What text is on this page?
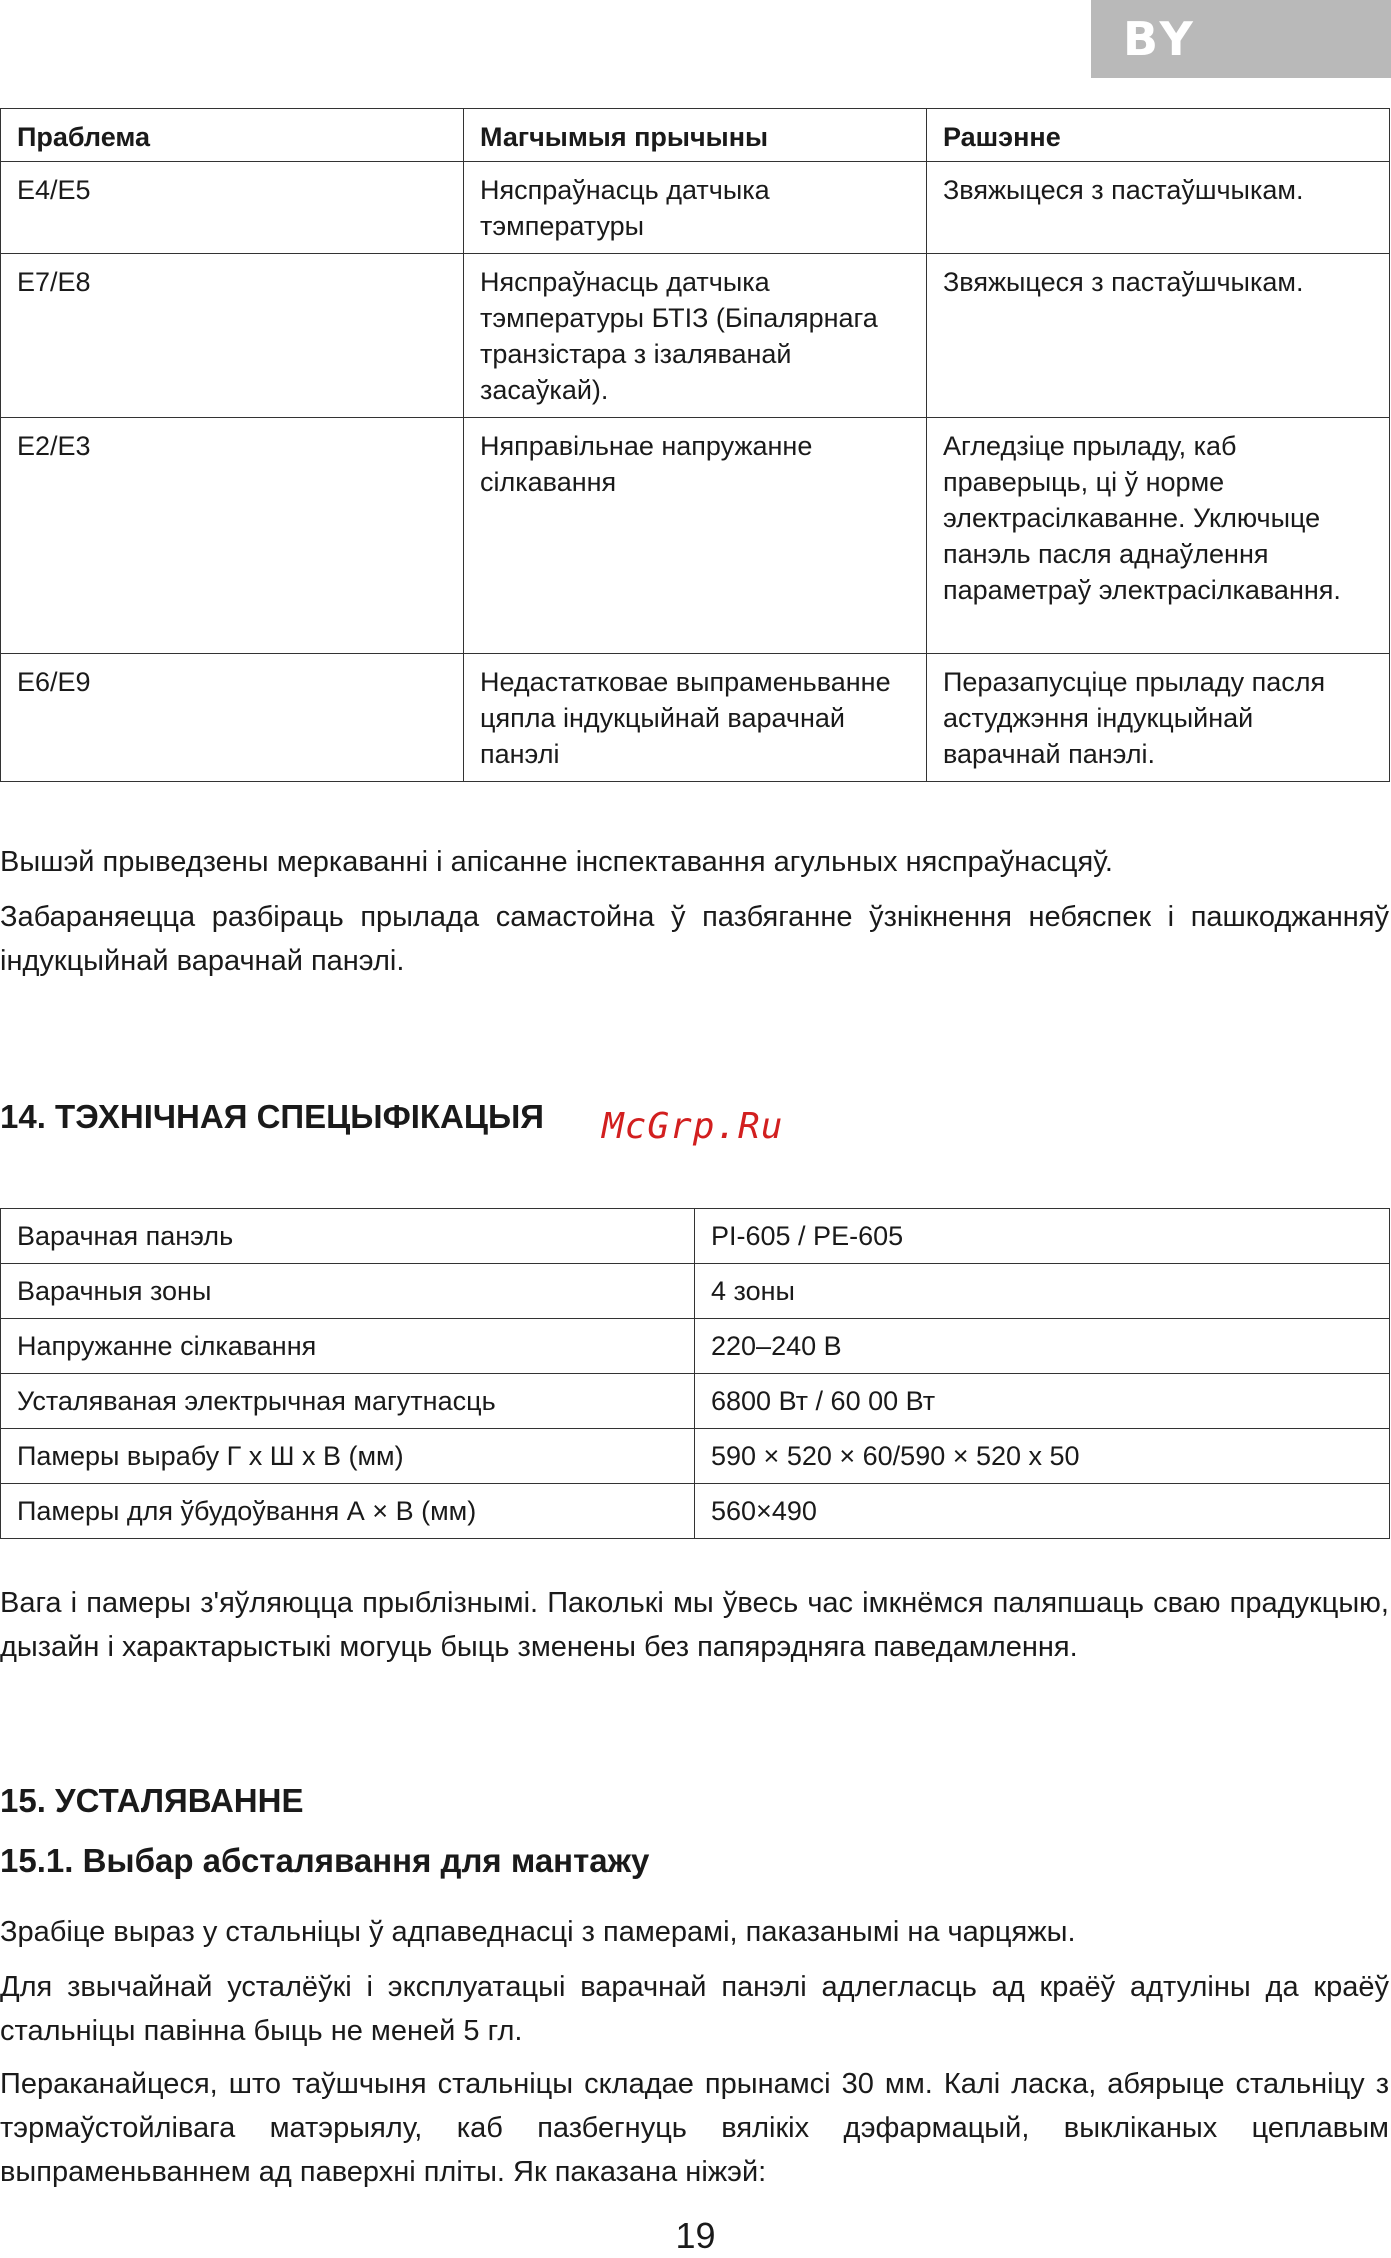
BY
Праблема	Магчымыя прычыны	Рашэнне
Е4/Е5	Няспраўнасць датчыка тэмпературы	Звяжыцеся з пастаўшчыкам.
Е7/Е8	Няспраўнасць датчыка тэмпературы БТІЗ (Біпалярнага транзістара з ізаляванай засаўкай).	Звяжыцеся з пастаўшчыкам.
Е2/Е3	Няправільнае напружанне сілкавання	Агледзіце прыладу, каб праверыць, ці ў норме электрасілкаванне. Уключыце панэль пасля аднаўлення параметраў электрасілкавання.
Е6/Е9	Недастатковае выпраменьванне цяпла індукцыйнай варачнай панэлі	Перазапусціце прыладу пасля астуджэння індукцыйнай варачнай панэлі.

Вышэй прыведзены меркаванні і апісанне інспектавання агульных няспраўнасцяў.

Забараняецца разбіраць прылада самастойна ў пазбяганне ўзнікнення небяспек і пашкоджанняў індукцыйнай варачнай панэлі.

14. ТЭХНІЧНАЯ СПЕЦЫФІКАЦЫЯ McGrp.Ru
Варачная панэль	PI-605 / PE-605
Варачныя зоны	4 зоны
Напружанне сілкавання	220–240 В
Усталяваная электрычная магутнасць	6800 Вт / 60 00 Вт
Памеры вырабу Г х Ш х В (мм)	590 × 520 × 60/590 × 520 х 50
Памеры для ўбудоўвання А × В (мм)	560×490

Вага і памеры з'яўляюцца прыблізнымі. Паколькі мы ўвесь час імкнёмся паляпшаць сваю прадукцыю, дызайн і характарыстыкі могуць быць зменены без папярэдняга паведамлення.

15. УСТАЛЯВАННЕ
15.1. Выбар абсталявання для мантажу

Зрабіце выраз у стальніцы ў адпаведнасці з памерамі, паказанымі на чарцяжы.

Для звычайнай усталёўкі і эксплуатацыі варачнай панэлі адлегласць ад краёў адтуліны да краёў стальніцы павінна быць не меней 5 гл.

Пераканайцеся, што таўшчыня стальніцы складае прынамсі 30 мм. Калі ласка, абярыце стальніцу з тэрмаўстойлівага матэрыялу, каб пазбегнуць вялікіх дэфармацый, выкліканых цеплавым выпраменьваннем ад паверхні пліты. Як паказана ніжэй:

19
